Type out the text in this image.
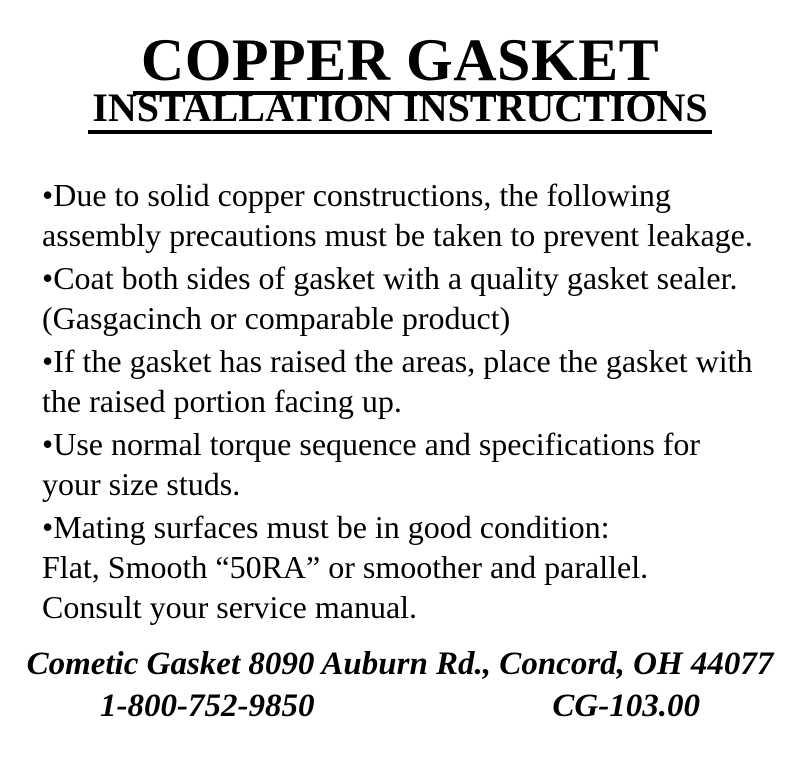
COPPER GASKET
INSTALLATION INSTRUCTIONS

•Due to solid copper constructions, the following
assembly precautions must be taken to prevent leakage.

•Coat both sides of gasket with a quality gasket sealer.
(Gasgacinch or comparable product)

•If the gasket has raised the areas, place the gasket with
the raised portion facing up.

•Use normal torque sequence and specifications for
your size studs.

•Mating surfaces must be in good condition:
Flat, Smooth “50RA” or smoother and parallel.
Consult your service manual.

Cometic Gasket 8090 Auburn Rd., Concord, OH 44077
1-800-752-9850	CG-103.00
